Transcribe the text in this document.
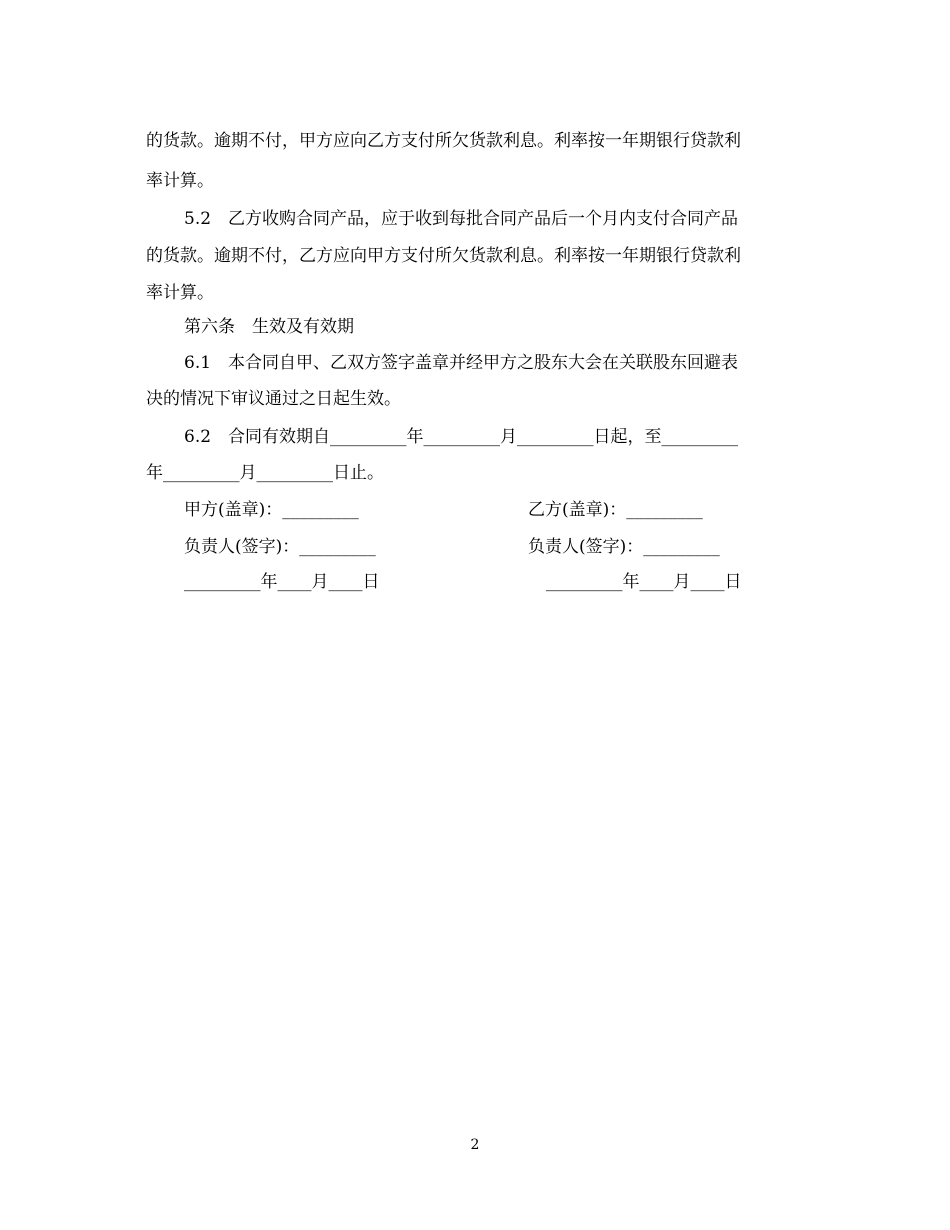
的货款。逾期不付，甲方应向乙方支付所欠货款利息。利率按一年期银行贷款利
率计算。
5.2　乙方收购合同产品，应于收到每批合同产品后一个月内支付合同产品
的货款。逾期不付，乙方应向甲方支付所欠货款利息。利率按一年期银行贷款利
率计算。
第六条　生效及有效期
6.1　本合同自甲、乙双方签字盖章并经甲方之股东大会在关联股东回避表
决的情况下审议通过之日起生效。
6.2　合同有效期自_________年_________月_________日起，至_________
年_________月_________日止。
甲方(盖章)：_________	乙方(盖章)：_________
负责人(签字)：_________	负责人(签字)：_________
_________年____月____日	_________年____月____日
2
